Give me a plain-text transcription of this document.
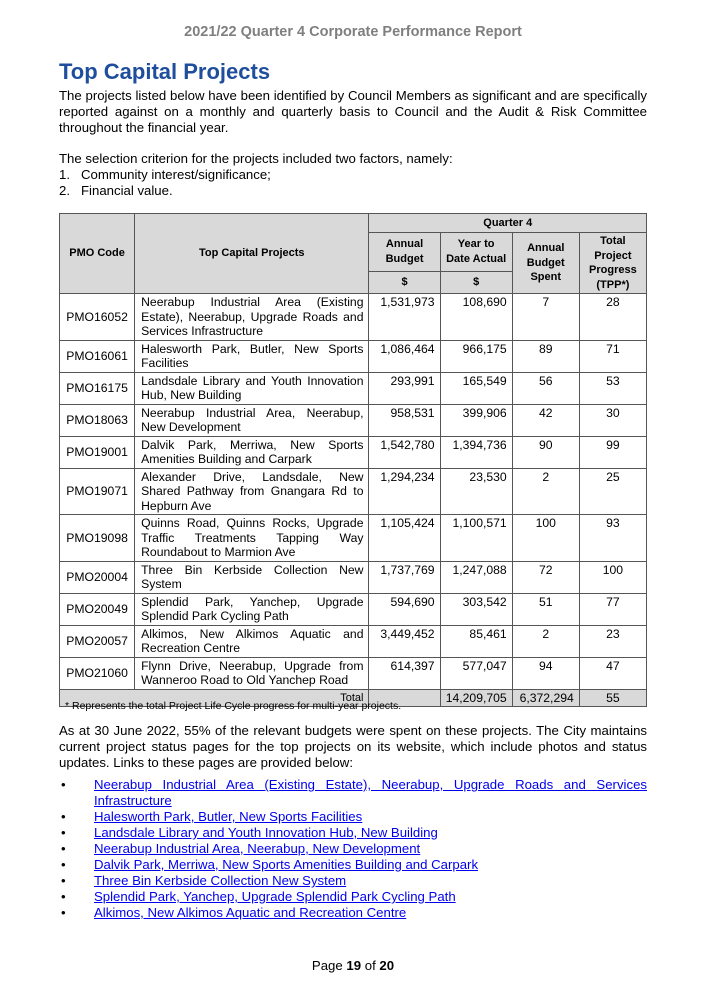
2021/22 Quarter 4 Corporate Performance Report
Top Capital Projects

The projects listed below have been identified by Council Members as significant and are specifically reported against on a monthly and quarterly basis to Council and the Audit & Risk Committee throughout the financial year.

The selection criterion for the projects included two factors, namely:

1. Community interest/significance;
2. Financial value.
PMO Code	Top Capital Projects	Quarter 4			
		Annual Budget	Year to Date Actual	Annual Budget Spent	Total Project Progress (TPP*)
		$	$		
PMO16052	Neerabup Industrial Area (Existing Estate), Neerabup, Upgrade Roads and Services Infrastructure	1,531,973	108,690	7	28
PMO16061	Halesworth Park, Butler, New Sports Facilities	1,086,464	966,175	89	71
PMO16175	Landsdale Library and Youth Innovation Hub, New Building	293,991	165,549	56	53
PMO18063	Neerabup Industrial Area, Neerabup, New Development	958,531	399,906	42	30
PMO19001	Dalvik Park, Merriwa, New Sports Amenities Building and Carpark	1,542,780	1,394,736	90	99
PMO19071	Alexander Drive, Landsdale, New Shared Pathway from Gnangara Rd to Hepburn Ave	1,294,234	23,530	2	25
PMO19098	Quinns Road, Quinns Rocks, Upgrade Traffic Treatments Tapping Way Roundabout to Marmion Ave	1,105,424	1,100,571	100	93
PMO20004	Three Bin Kerbside Collection New System	1,737,769	1,247,088	72	100
PMO20049	Splendid Park, Yanchep, Upgrade Splendid Park Cycling Path	594,690	303,542	51	77
PMO20057	Alkimos, New Alkimos Aquatic and Recreation Centre	3,449,452	85,461	2	23
PMO21060	Flynn Drive, Neerabup, Upgrade from Wanneroo Road to Old Yanchep Road	614,397	577,047	94	47
Total			14,209,705	6,372,294	55
* Represents the total Project Life Cycle progress for multi-year projects.

As at 30 June 2022, 55% of the relevant budgets were spent on these projects. The City maintains current project status pages for the top projects on its website, which include photos and status updates. Links to these pages are provided below:

• Neerabup Industrial Area (Existing Estate), Neerabup, Upgrade Roads and Services Infrastructure
• Halesworth Park, Butler, New Sports Facilities
• Landsdale Library and Youth Innovation Hub, New Building
• Neerabup Industrial Area, Neerabup, New Development
• Dalvik Park, Merriwa, New Sports Amenities Building and Carpark
• Three Bin Kerbside Collection New System
• Splendid Park, Yanchep, Upgrade Splendid Park Cycling Path
• Alkimos, New Alkimos Aquatic and Recreation Centre
Page 19 of 20
